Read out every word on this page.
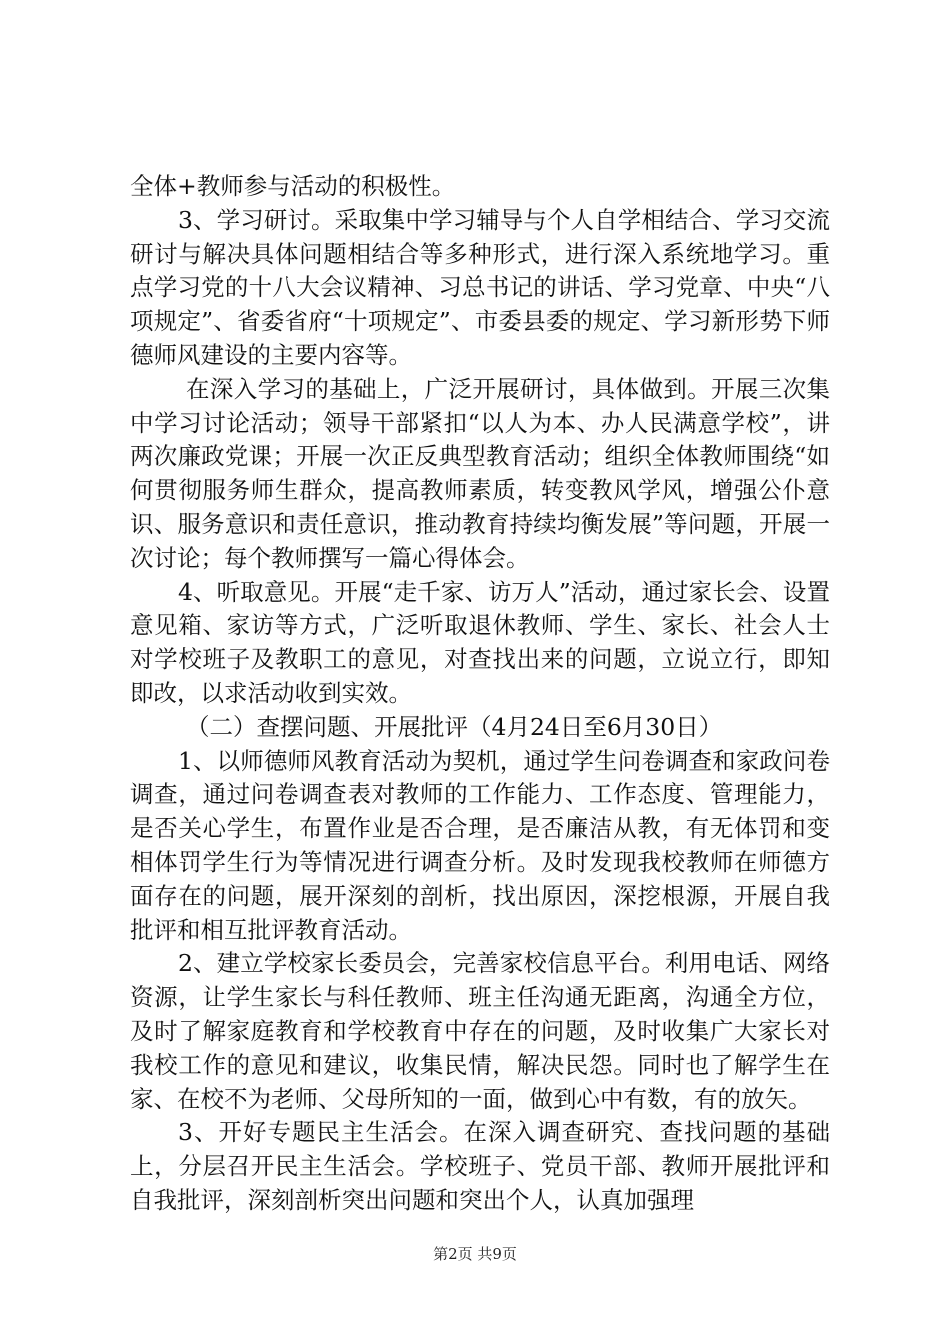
全体+教师参与活动的积极性。

3、学习研讨。采取集中学习辅导与个人自学相结合、学习交流研讨与解决具体问题相结合等多种形式，进行深入系统地学习。重点学习党的十八大会议精神、习总书记的讲话、学习党章、中央“八项规定”、省委省府“十项规定”、市委县委的规定、学习新形势下师德师风建设的主要内容等。

在深入学习的基础上，广泛开展研讨，具体做到。开展三次集中学习讨论活动；领导干部紧扣“以人为本、办人民满意学校”，讲两次廉政党课；开展一次正反典型教育活动；组织全体教师围绕“如何贯彻服务师生群众，提高教师素质，转变教风学风，增强公仆意识、服务意识和责任意识，推动教育持续均衡发展”等问题，开展一次讨论；每个教师撰写一篇心得体会。

4、听取意见。开展“走千家、访万人”活动，通过家长会、设置意见箱、家访等方式，广泛听取退休教师、学生、家长、社会人士对学校班子及教职工的意见，对查找出来的问题，立说立行，即知即改，以求活动收到实效。

（二）查摆问题、开展批评（4月24日至6月30日）

1、以师德师风教育活动为契机，通过学生问卷调查和家政问卷调查，通过问卷调查表对教师的工作能力、工作态度、管理能力，是否关心学生，布置作业是否合理，是否廉洁从教，有无体罚和变相体罚学生行为等情况进行调查分析。及时发现我校教师在师德方面存在的问题，展开深刻的剖析，找出原因，深挖根源，开展自我批评和相互批评教育活动。

2、建立学校家长委员会，完善家校信息平台。利用电话、网络资源，让学生家长与科任教师、班主任沟通无距离，沟通全方位，及时了解家庭教育和学校教育中存在的问题，及时收集广大家长对我校工作的意见和建议，收集民情，解决民怨。同时也了解学生在家、在校不为老师、父母所知的一面，做到心中有数，有的放矢。

3、开好专题民主生活会。在深入调查研究、查找问题的基础上，分层召开民主生活会。学校班子、党员干部、教师开展批评和自我批评，深刻剖析突出问题和突出个人，认真加强理

第2页 共9页
